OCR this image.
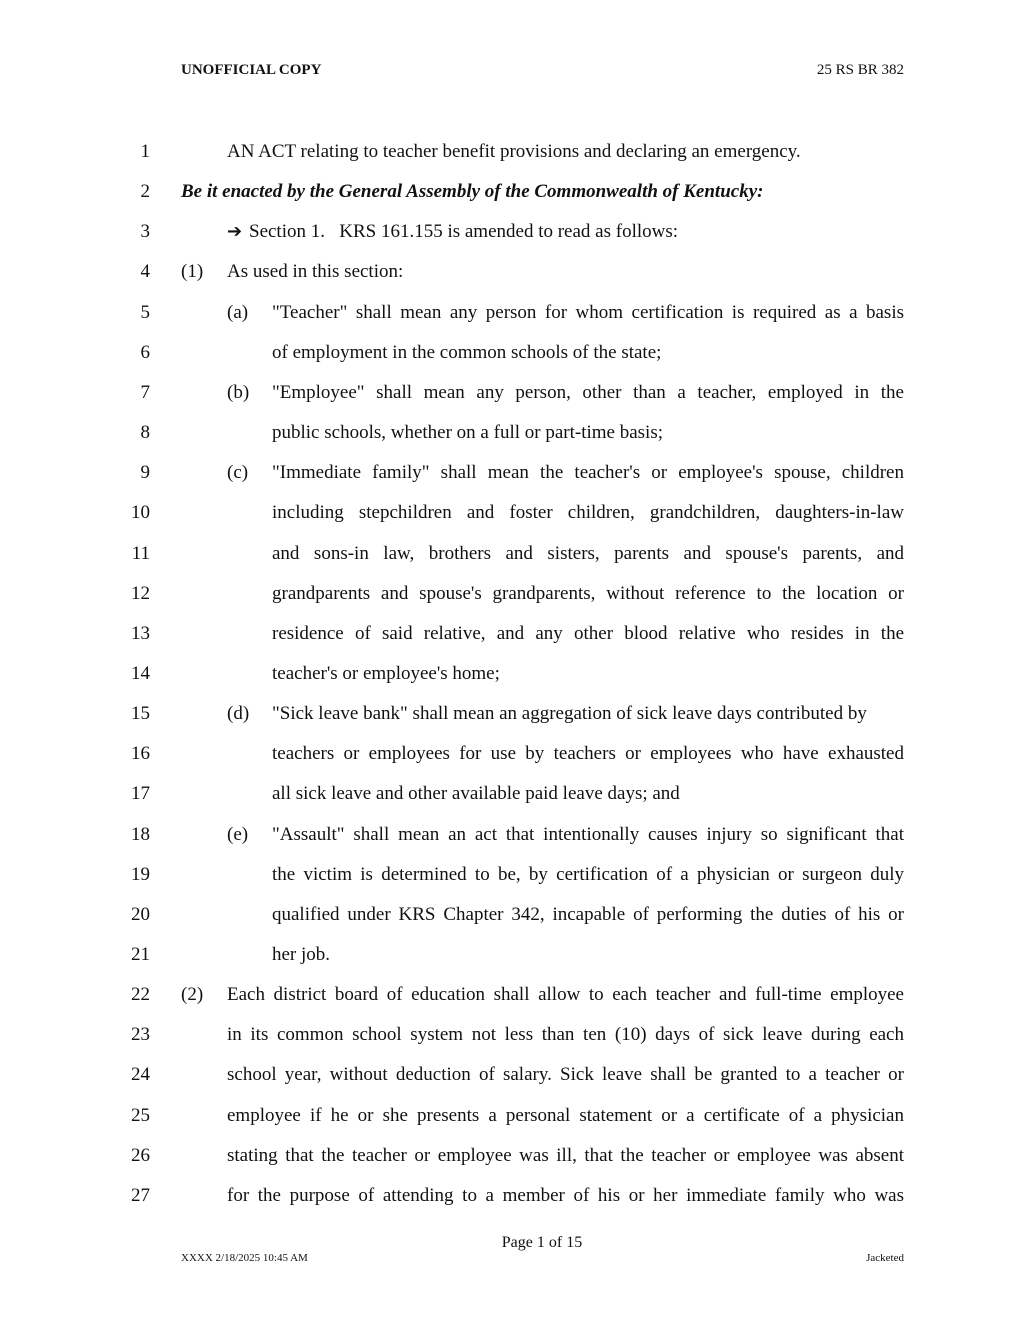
UNOFFICIAL COPY	25 RS BR 382
1	AN ACT relating to teacher benefit provisions and declaring an emergency.
2 Be it enacted by the General Assembly of the Commonwealth of Kentucky:
3	➔ Section 1.   KRS 161.155 is amended to read as follows:
4 (1) As used in this section:
5	(a) "Teacher" shall mean any person for whom certification is required as a basis
6	of employment in the common schools of the state;
7	(b) "Employee" shall mean any person, other than a teacher, employed in the
8	public schools, whether on a full or part-time basis;
9	(c) "Immediate family" shall mean the teacher's or employee's spouse, children
10	including stepchildren and foster children, grandchildren, daughters-in-law
11	and sons-in law, brothers and sisters, parents and spouse's parents, and
12	grandparents and spouse's grandparents, without reference to the location or
13	residence of said relative, and any other blood relative who resides in the
14	teacher's or employee's home;
15	(d) "Sick leave bank" shall mean an aggregation of sick leave days contributed by
16	teachers or employees for use by teachers or employees who have exhausted
17	all sick leave and other available paid leave days; and
18	(e) "Assault" shall mean an act that intentionally causes injury so significant that
19	the victim is determined to be, by certification of a physician or surgeon duly
20	qualified under KRS Chapter 342, incapable of performing the duties of his or
21	her job.
22 (2) Each district board of education shall allow to each teacher and full-time employee
23	in its common school system not less than ten (10) days of sick leave during each
24	school year, without deduction of salary. Sick leave shall be granted to a teacher or
25	employee if he or she presents a personal statement or a certificate of a physician
26	stating that the teacher or employee was ill, that the teacher or employee was absent
27	for the purpose of attending to a member of his or her immediate family who was
Page 1 of 15
XXXX 2/18/2025 10:45 AM	Jacketed
